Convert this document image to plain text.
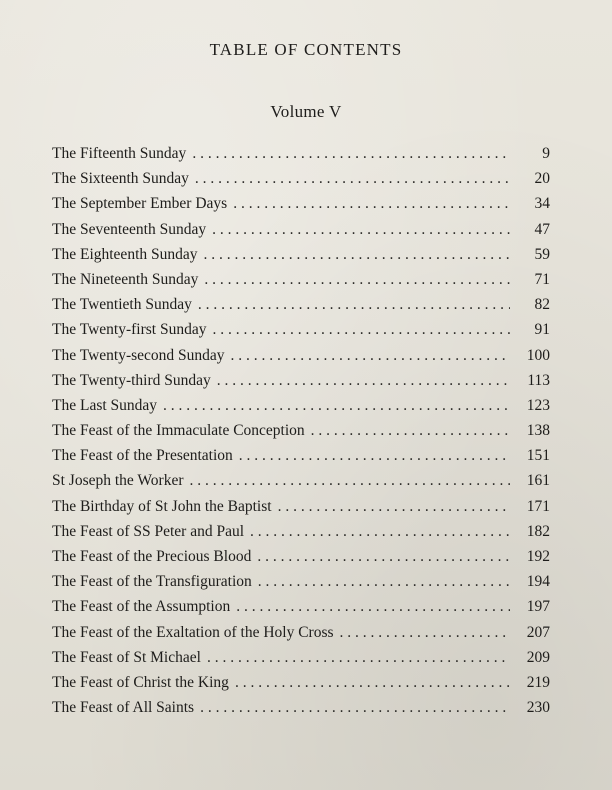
TABLE OF CONTENTS
Volume V
The Fifteenth Sunday . . .	9
The Sixteenth Sunday . . .	20
The September Ember Days . . .	34
The Seventeenth Sunday . . .	47
The Eighteenth Sunday . . .	59
The Nineteenth Sunday . . .	71
The Twentieth Sunday . . .	82
The Twenty-first Sunday . . .	91
The Twenty-second Sunday . . .	100
The Twenty-third Sunday . . .	113
The Last Sunday . . .	123
The Feast of the Immaculate Conception . . .	138
The Feast of the Presentation . . .	151
St Joseph the Worker . . .	161
The Birthday of St John the Baptist . . .	171
The Feast of SS Peter and Paul . . .	182
The Feast of the Precious Blood . . .	192
The Feast of the Transfiguration . . .	194
The Feast of the Assumption . . .	197
The Feast of the Exaltation of the Holy Cross . . .	207
The Feast of St Michael . . .	209
The Feast of Christ the King . . .	219
The Feast of All Saints . . .	230
